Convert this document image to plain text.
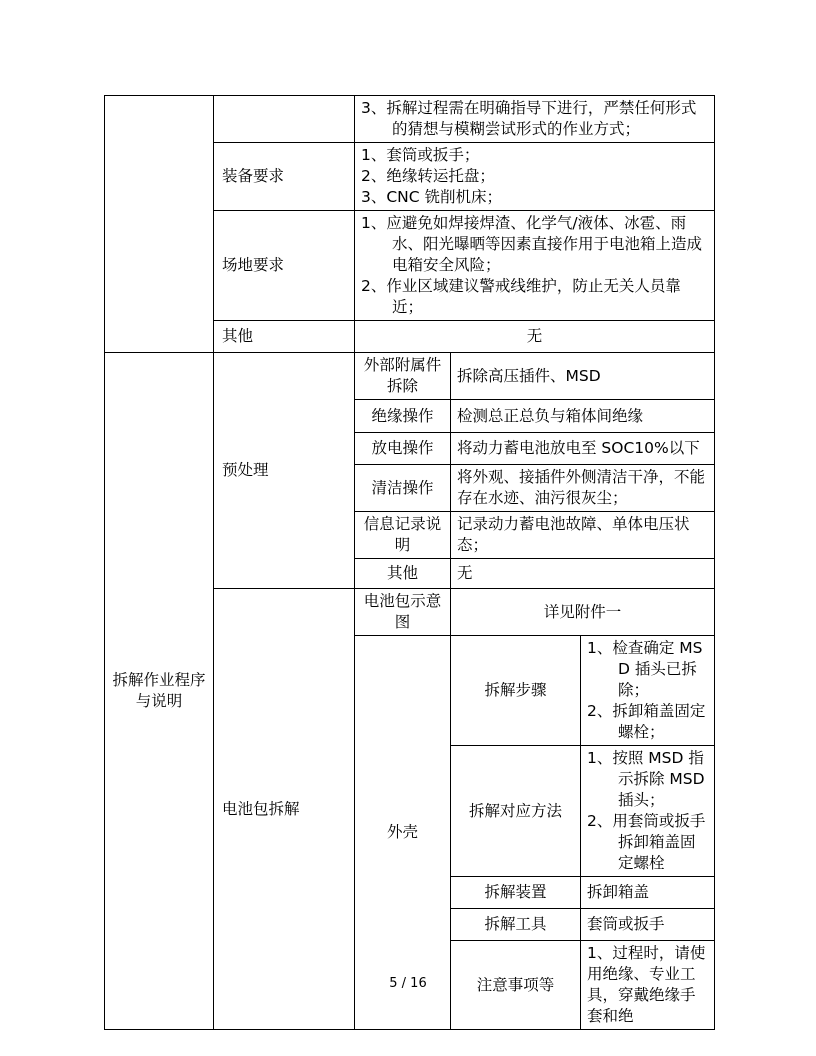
		3、拆解过程需在明确指导下进行，严禁任何形式的猜想与模糊尝试形式的作业方式；		

	装备要求	1、套筒或扳手；
2、绝缘转运托盘；
3、CNC 铣削机床；		

	场地要求	1、应避免如焊接焊渣、化学气/液体、冰雹、雨水、阳光曝晒等因素直接作用于电池箱上造成电箱安全风险；
2、作业区域建议警戒线维护，防止无关人员靠近；		

	其他	无		
拆解作业程序与说明	预处理	外部附属件拆除	拆除高压插件、MSD	
		绝缘操作	检测总正总负与箱体间绝缘	
		放电操作	将动力蓄电池放电至 SOC10%以下	
		清洁操作	将外观、接插件外侧清洁干净，不能存在水迹、油污很灰尘；	
		信息记录说明	记录动力蓄电池故障、单体电压状态；	
		其他	无	
	电池包拆解	电池包示意图	详见附件一	
		外壳	拆解步骤	1、检查确定 MSD 插头已拆除；
2、拆卸箱盖固定螺栓；

			拆解对应方法	1、按照 MSD 指示拆除 MSD 插头；
2、用套筒或扳手拆卸箱盖固定螺栓

			拆解装置	拆卸箱盖
			拆解工具	套筒或扳手
			注意事项等	1、过程时，请使用绝缘、专业工具，穿戴绝缘手套和绝
5 / 16
